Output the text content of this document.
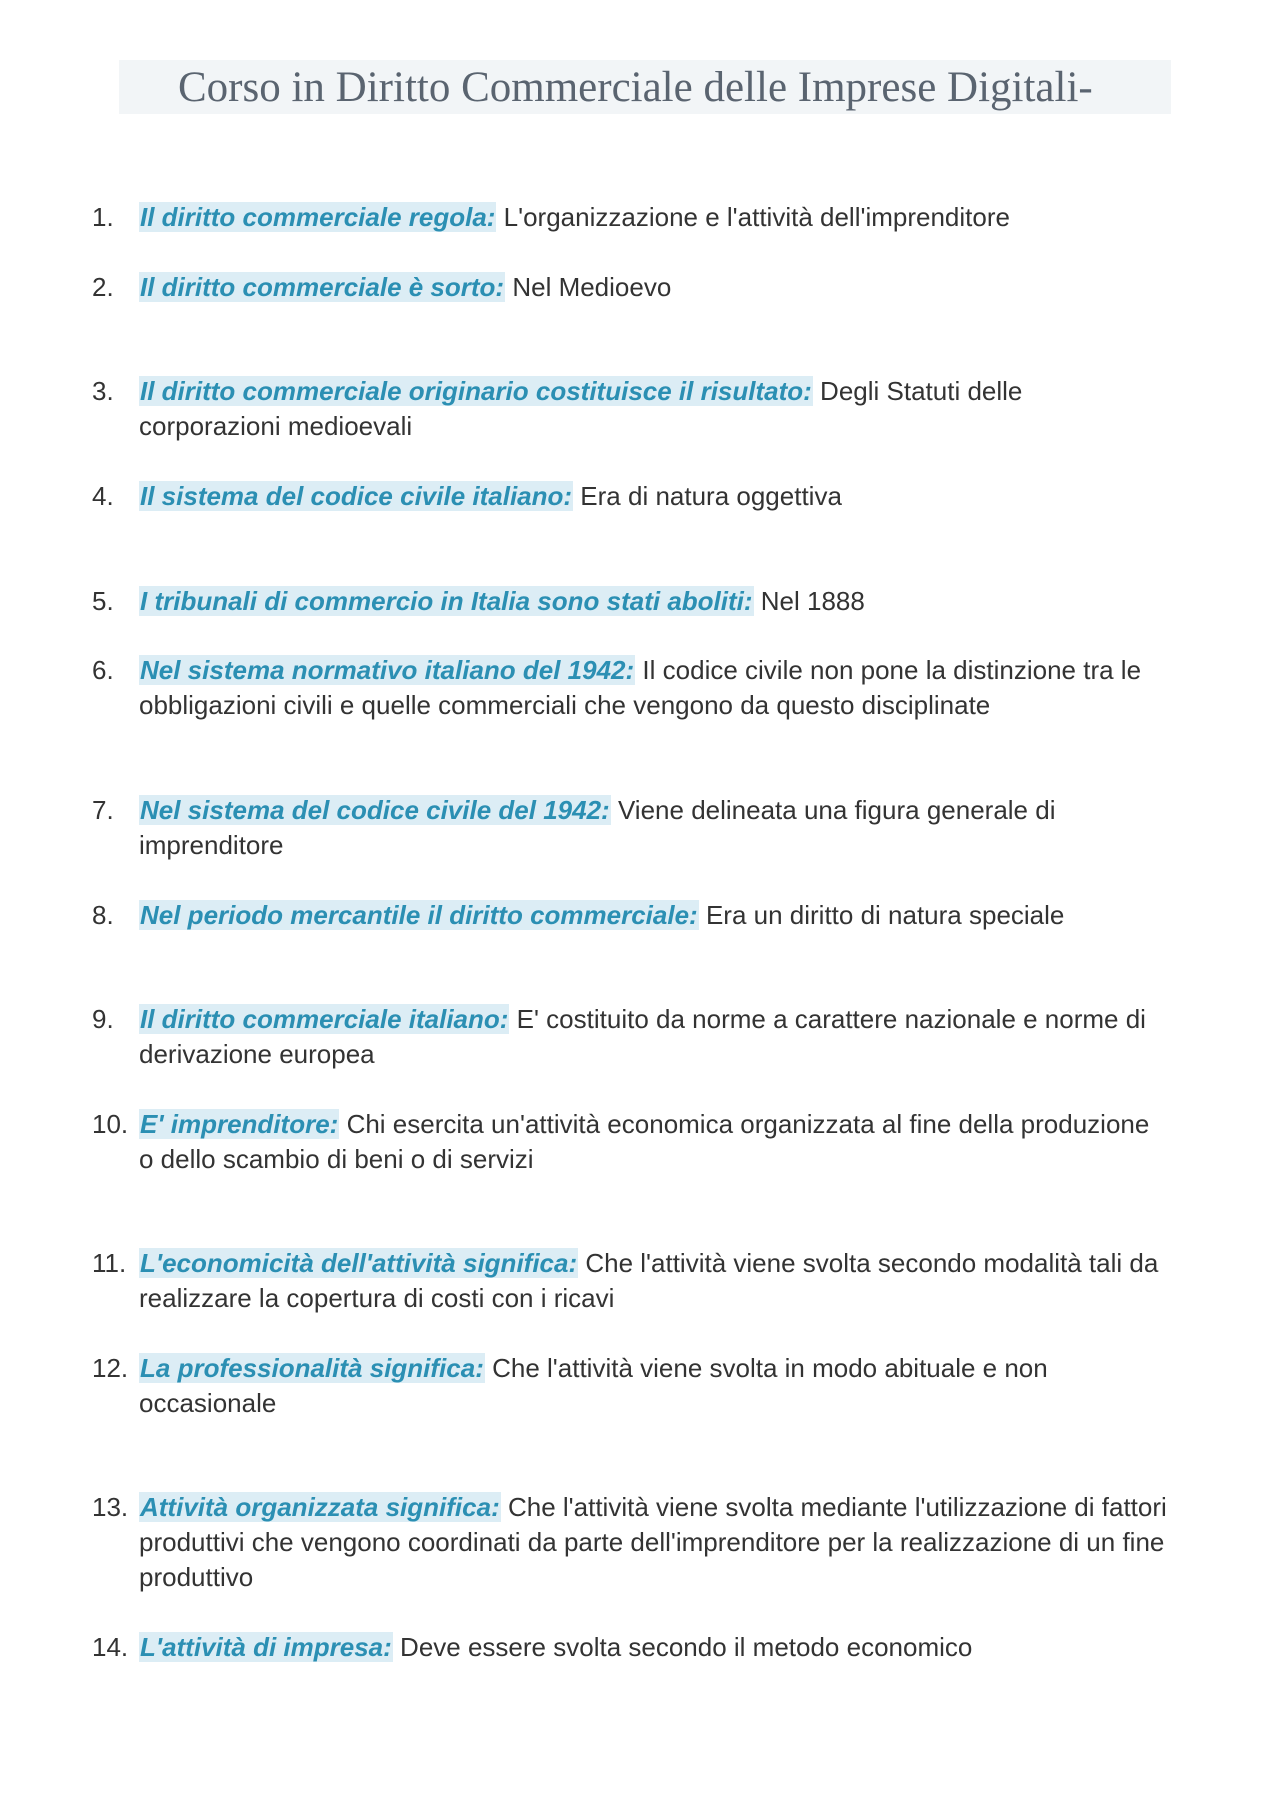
Corso in Diritto Commerciale delle Imprese Digitali-
1.	Il diritto commerciale regola: L'organizzazione e l'attività dell'imprenditore
2.	Il diritto commerciale è sorto: Nel Medioevo
3.	Il diritto commerciale originario costituisce il risultato: Degli Statuti delle corporazioni medioevali
4.	Il sistema del codice civile italiano: Era di natura oggettiva
5.	I tribunali di commercio in Italia sono stati aboliti: Nel 1888
6.	Nel sistema normativo italiano del 1942: Il codice civile non pone la distinzione tra le obbligazioni civili e quelle commerciali che vengono da questo disciplinate
7.	Nel sistema del codice civile del 1942: Viene delineata una figura generale di imprenditore
8.	Nel periodo mercantile il diritto commerciale: Era un diritto di natura speciale
9.	Il diritto commerciale italiano: E' costituito da norme a carattere nazionale e norme di derivazione europea
10. E' imprenditore: Chi esercita un'attività economica organizzata al fine della produzione o dello scambio di beni o di servizi
11. L'economicità dell'attività significa: Che l'attività viene svolta secondo modalità tali da realizzare la copertura di costi con i ricavi
12. La professionalità significa: Che l'attività viene svolta in modo abituale e non occasionale
13. Attività organizzata significa: Che l'attività viene svolta mediante l'utilizzazione di fattori produttivi che vengono coordinati da parte dell'imprenditore per la realizzazione di un fine produttivo
14. L'attività di impresa: Deve essere svolta secondo il metodo economico
